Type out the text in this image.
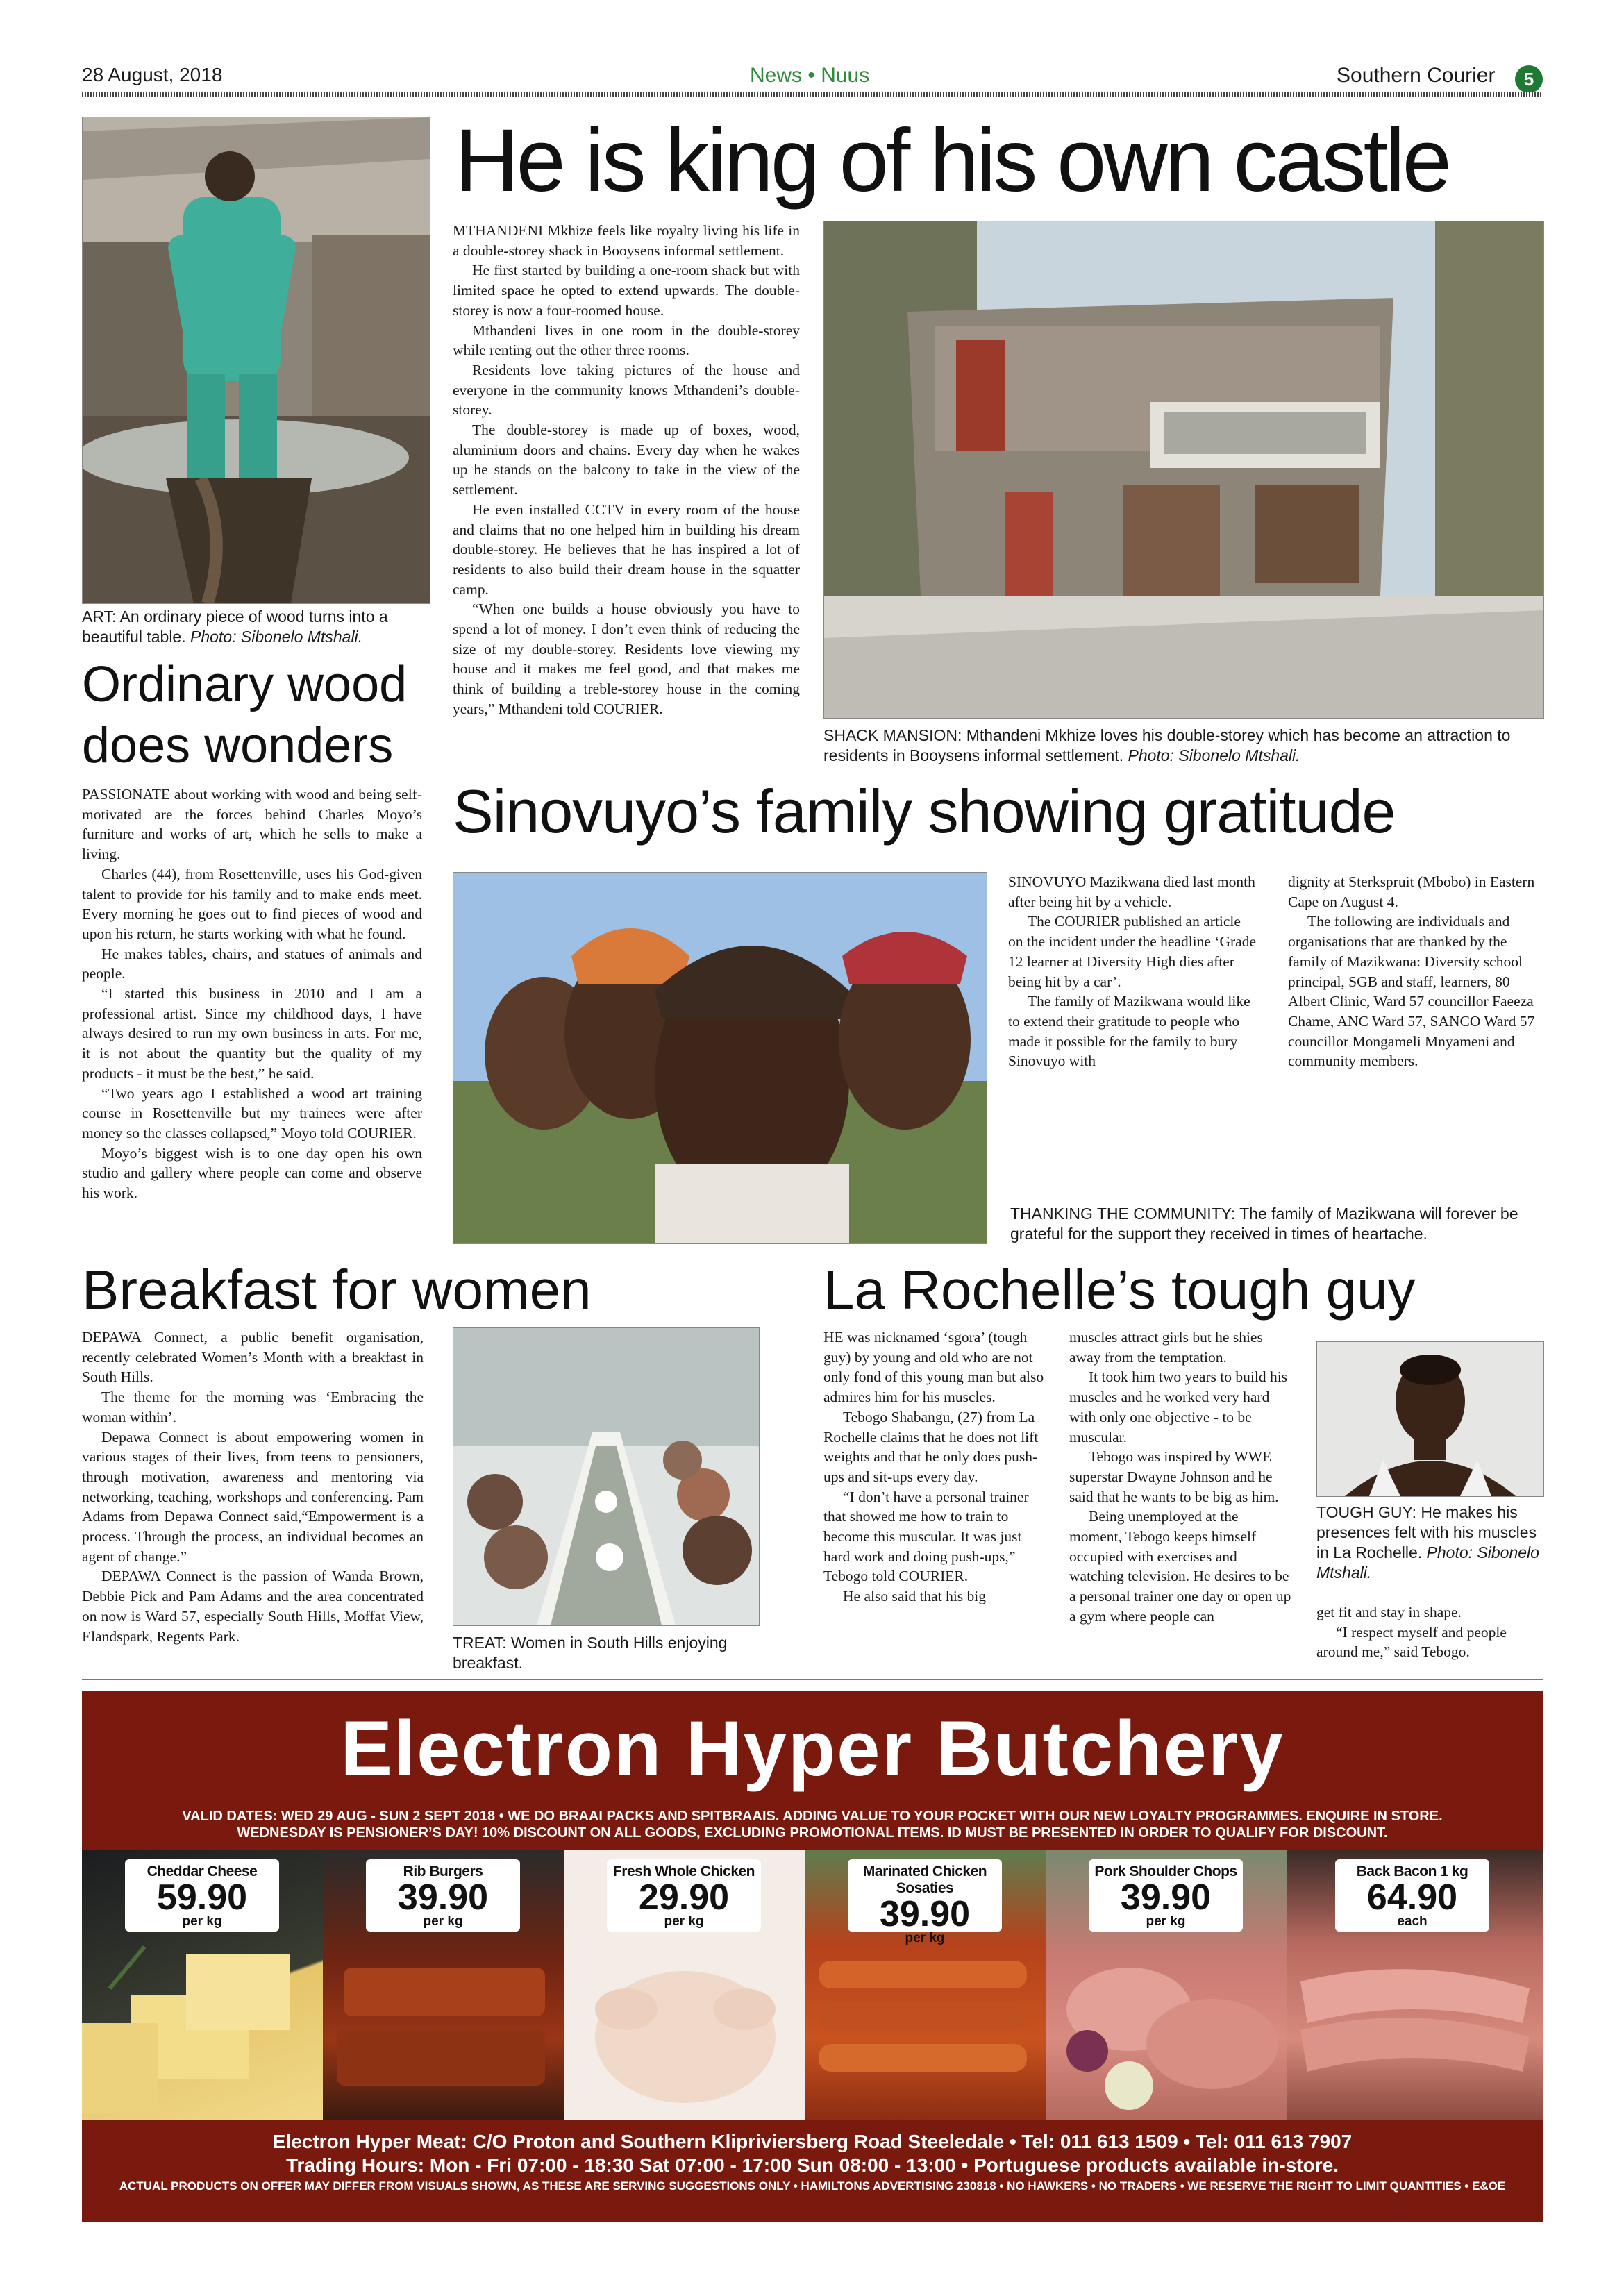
28 August, 2018	News • Nuus	Southern Courier	5
ART: An ordinary piece of wood turns into a beautiful table. Photo: Sibonelo Mtshali.
Ordinary wood
does wonders

PASSIONATE about working with wood and being self-motivated are the forces behind Charles Moyo’s furniture and works of art, which he sells to make a living.

Charles (44), from Rosettenville, uses his God-given talent to provide for his family and to make ends meet. Every morning he goes out to find pieces of wood and upon his return, he starts working with what he found.

He makes tables, chairs, and statues of animals and people.

“I started this business in 2010 and I am a professional artist. Since my childhood days, I have always desired to run my own business in arts. For me, it is not about the quantity but the quality of my products - it must be the best,” he said.

“Two years ago I established a wood art training course in Rosettenville but my trainees were after money so the classes collapsed,” Moyo told COURIER.

Moyo’s biggest wish is to one day open his own studio and gallery where people can come and observe his work.

He is king of his own castle

MTHANDENI Mkhize feels like royalty living his life in a double-storey shack in Booysens informal settlement.

He first started by building a one-room shack but with limited space he opted to extend upwards. The double-storey is now a four-roomed house.

Mthandeni lives in one room in the double-storey while renting out the other three rooms.

Residents love taking pictures of the house and everyone in the community knows Mthandeni’s double-storey.

The double-storey is made up of boxes, wood, aluminium doors and chains. Every day when he wakes up he stands on the balcony to take in the view of the settlement.

He even installed CCTV in every room of the house and claims that no one helped him in building his dream double-storey. He believes that he has inspired a lot of residents to also build their dream house in the squatter camp.

“When one builds a house obviously you have to spend a lot of money. I don’t even think of reducing the size of my double-storey. Residents love viewing my house and it makes me feel good, and that makes me think of building a treble-storey house in the coming years,” Mthandeni told COURIER.

SHACK MANSION: Mthandeni Mkhize loves his double-storey which has become an attraction to residents in Booysens informal settlement. Photo: Sibonelo Mtshali.
Sinovuyo’s family showing gratitude

SINOVUYO Mazikwana died last month after being hit by a vehicle.

The COURIER published an article on the incident under the headline ‘Grade 12 learner at Diversity High dies after being hit by a car’.

The family of Mazikwana would like to extend their gratitude to people who made it possible for the family to bury Sinovuyo with

dignity at Sterkspruit (Mbobo) in Eastern Cape on August 4.

The following are individuals and organisations that are thanked by the family of Mazikwana: Diversity school principal, SGB and staff, learners, 80 Albert Clinic, Ward 57 councillor Faeeza Chame, ANC Ward 57, SANCO Ward 57 councillor Mongameli Mnyameni and community members.

THANKING THE COMMUNITY: The family of Mazikwana will forever be grateful for the support they received in times of heartache.
Breakfast for women

DEPAWA Connect, a public benefit organisation, recently celebrated Women’s Month with a breakfast in South Hills.

The theme for the morning was ‘Embracing the woman within’.

Depawa Connect is about empowering women in various stages of their lives, from teens to pensioners, through motivation, awareness and mentoring via networking, teaching, workshops and conferencing. Pam Adams from Depawa Connect said,“Empowerment is a process. Through the process, an individual becomes an agent of change.”

DEPAWA Connect is the passion of Wanda Brown, Debbie Pick and Pam Adams and the area concentrated on now is Ward 57, especially South Hills, Moffat View, Elandspark, Regents Park.	TREAT: Women in South Hills enjoying breakfast.
La Rochelle’s tough guy

HE was nicknamed ‘sgora’ (tough guy) by young and old who are not only fond of this young man but also admires him for his muscles.

Tebogo Shabangu, (27) from La Rochelle claims that he does not lift weights and that he only does push-ups and sit-ups every day.

“I don’t have a personal trainer that showed me how to train to become this muscular. It was just hard work and doing push-ups,” Tebogo told COURIER.

He also said that his big

muscles attract girls but he shies away from the temptation.

It took him two years to build his muscles and he worked very hard with only one objective - to be muscular.

Tebogo was inspired by WWE superstar Dwayne Johnson and he said that he wants to be big as him.

Being unemployed at the moment, Tebogo keeps himself occupied with exercises and watching television. He desires to be a personal trainer one day or open up a gym where people can

TOUGH GUY: He makes his presences felt with his muscles in La Rochelle. Photo: Sibonelo Mtshali.

get fit and stay in shape.

“I respect myself and people around me,” said Tebogo.

Electron Hyper Butchery
VALID DATES: WED 29 AUG - SUN 2 SEPT 2018 • WE DO BRAAI PACKS AND SPITBRAAIS. ADDING VALUE TO YOUR POCKET WITH OUR NEW LOYALTY PROGRAMMES. ENQUIRE IN STORE.
WEDNESDAY IS PENSIONER’S DAY! 10% DISCOUNT ON ALL GOODS, EXCLUDING PROMOTIONAL ITEMS. ID MUST BE PRESENTED IN ORDER TO QUALIFY FOR DISCOUNT.
Cheddar Cheese
59.90
per kg
Rib Burgers
39.90
per kg
Fresh Whole Chicken
29.90
per kg
Marinated Chicken Sosaties
39.90
per kg
Pork Shoulder Chops
39.90
per kg
Back Bacon 1 kg
64.90
each
Electron Hyper Meat: C/O Proton and Southern Klipriviersberg Road Steeledale • Tel: 011 613 1509 • Tel: 011 613 7907
Trading Hours: Mon - Fri 07:00 - 18:30 Sat 07:00 - 17:00 Sun 08:00 - 13:00 • Portuguese products available in-store.
ACTUAL PRODUCTS ON OFFER MAY DIFFER FROM VISUALS SHOWN, AS THESE ARE SERVING SUGGESTIONS ONLY • HAMILTONS ADVERTISING 230818 • NO HAWKERS • NO TRADERS • WE RESERVE THE RIGHT TO LIMIT QUANTITIES • E&OE
